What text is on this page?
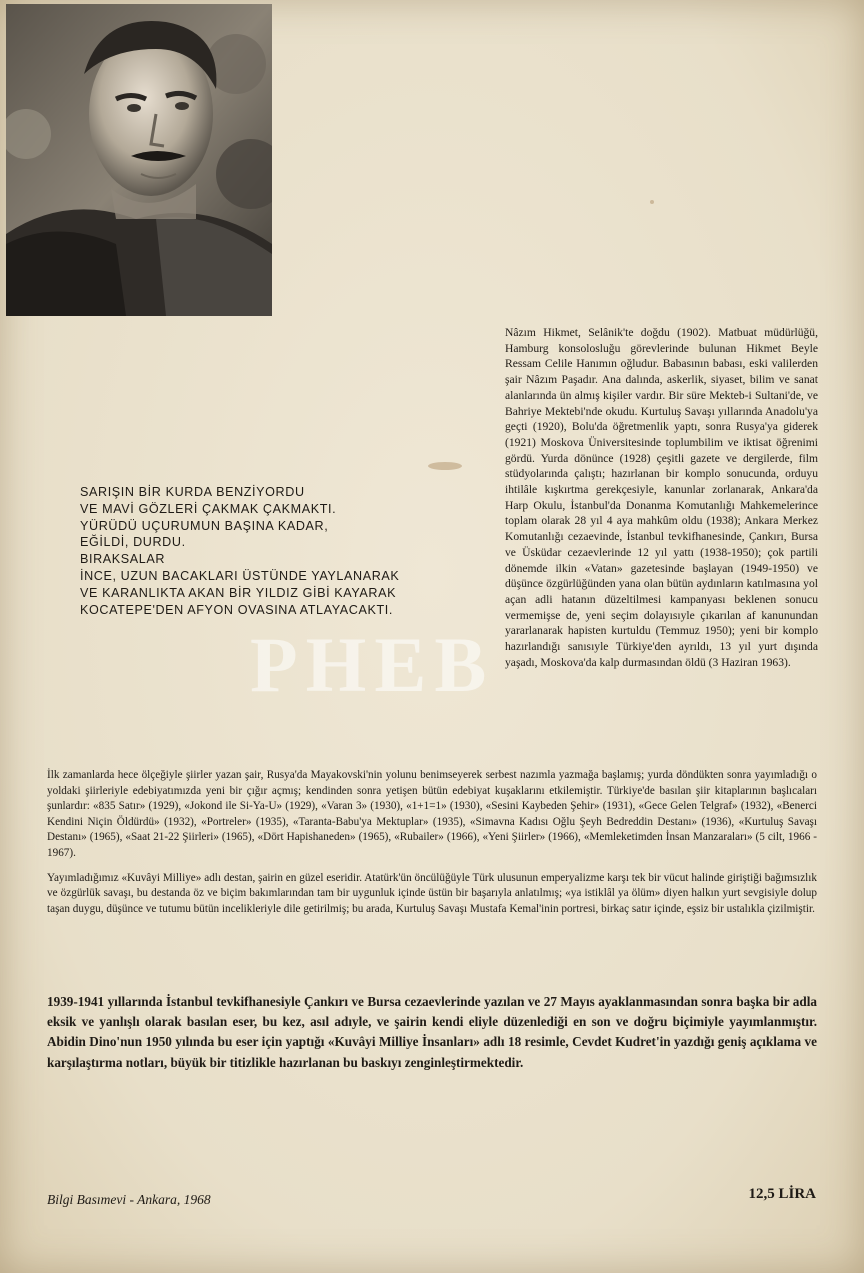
Nâzım Hikmet, Selânik'te doğdu (1902). Matbuat müdürlüğü, Hamburg konsolosluğu görevlerinde bulunan Hikmet Beyle Ressam Celile Hanımın oğludur. Babasının babası, eski valilerden şair Nâzım Paşadır. Ana dalında, askerlik, siyaset, bilim ve sanat alanlarında ün almış kişiler vardır. Bir süre Mekteb-i Sultani'de, ve Bahriye Mektebi'nde okudu. Kurtuluş Savaşı yıllarında Anadolu'ya geçti (1920), Bolu'da öğretmenlik yaptı, sonra Rusya'ya giderek (1921) Moskova Üniversitesinde toplumbilim ve iktisat öğrenimi gördü. Yurda dönünce (1928) çeşitli gazete ve dergilerde, film stüdyolarında çalıştı; hazırlanan bir komplo sonucunda, orduyu ihtilâle kışkırtma gerekçesiyle, kanunlar zorlanarak, Ankara'da Harp Okulu, İstanbul'da Donanma Komutanlığı Mahkemelerince toplam olarak 28 yıl 4 aya mahkûm oldu (1938); Ankara Merkez Komutanlığı cezaevinde, İstanbul tevkifhanesinde, Çankırı, Bursa ve Üsküdar cezaevlerinde 12 yıl yattı (1938-1950); çok partili dönemde ilkin «Vatan» gazetesinde başlayan (1949-1950) ve düşünce özgürlüğünden yana olan bütün aydınların katılmasına yol açan adli hatanın düzeltilmesi kampanyası beklenen sonucu vermemişse de, yeni seçim dolayısıyle çıkarılan af kanunundan yararlanarak hapisten kurtuldu (Temmuz 1950); yeni bir komplo hazırlandığı sanısıyle Türkiye'den ayrıldı, 13 yıl yurt dışında yaşadı, Moskova'da kalp durmasından öldü (3 Haziran 1963).
SARIŞIN BİR KURDA BENZİYORDU
VE MAVİ GÖZLERİ ÇAKMAK ÇAKMAKTI.
YÜRÜDÜ UÇURUMUN BAŞINA KADAR,
EĞİLDİ, DURDU.
BIRAKSALAR
İNCE, UZUN BACAKLARI ÜSTÜNDE YAYLANARAK
VE KARANLIKTA AKAN BİR YILDIZ GİBİ KAYARAK
KOCATEPE'DEN AFYON OVASINA ATLAYACAKTI.

İlk zamanlarda hece ölçeğiyle şiirler yazan şair, Rusya'da Mayakovski'nin yolunu benimseyerek serbest nazımla yazmağa başlamış; yurda döndükten sonra yayımladığı o yoldaki şiirleriyle edebiyatımızda yeni bir çığır açmış; kendinden sonra yetişen bütün edebiyat kuşaklarını etkilemiştir. Türkiye'de basılan şiir kitaplarının başlıcaları şunlardır: «835 Satır» (1929), «Jokond ile Si-Ya-U» (1929), «Varan 3» (1930), «1+1=1» (1930), «Sesini Kaybeden Şehir» (1931), «Gece Gelen Telgraf» (1932), «Benerci Kendini Niçin Öldürdü» (1932), «Portreler» (1935), «Taranta-Babu'ya Mektuplar» (1935), «Simavna Kadısı Oğlu Şeyh Bedreddin Destanı» (1936), «Kurtuluş Savaşı Destanı» (1965), «Saat 21-22 Şiirleri» (1965), «Dört Hapishaneden» (1965), «Rubailer» (1966), «Yeni Şiirler» (1966), «Memleketimden İnsan Manzaraları» (5 cilt, 1966 - 1967).

Yayımladığımız «Kuvâyi Milliye» adlı destan, şairin en güzel eseridir. Atatürk'ün öncülüğüyle Türk ulusunun emperyalizme karşı tek bir vücut halinde giriştiği bağımsızlık ve özgürlük savaşı, bu destanda öz ve biçim bakımlarından tam bir uygunluk içinde üstün bir başarıyla anlatılmış; «ya istiklâl ya ölüm» diyen halkın yurt sevgisiyle dolup taşan duygu, düşünce ve tutumu bütün incelikleriyle dile getirilmiş; bu arada, Kurtuluş Savaşı Mustafa Kemal'inin portresi, birkaç satır içinde, eşsiz bir ustalıkla çizilmiştir.

1939-1941 yıllarında İstanbul tevkifhanesiyle Çankırı ve Bursa cezaevlerinde yazılan ve 27 Mayıs ayaklanmasından sonra başka bir adla eksik ve yanlışlı olarak basılan eser, bu kez, asıl adıyle, ve şairin kendi eliyle düzenlediği en son ve doğru biçimiyle yayımlanmıştır. Abidin Dino'nun 1950 yılında bu eser için yaptığı «Kuvâyi Milliye İnsanları» adlı 18 resimle, Cevdet Kudret'in yazdığı geniş açıklama ve karşılaştırma notları, büyük bir titizlikle hazırlanan bu baskıyı zenginleştirmektedir.
Bilgi Basımevi - Ankara, 1968	12,5 LİRA
PHEB
